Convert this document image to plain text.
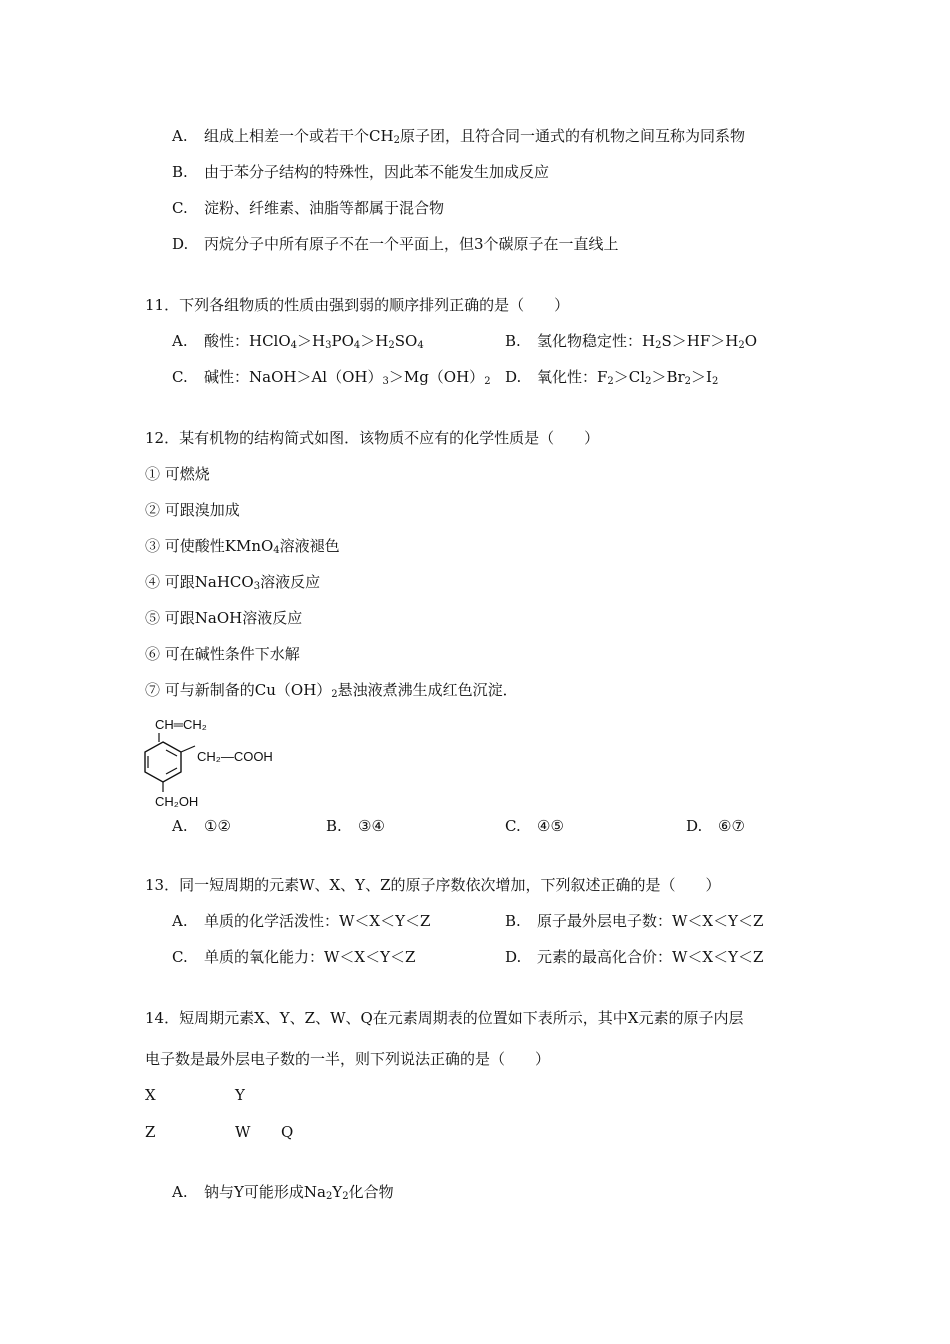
A. 组成上相差一个或若干个$CH_2$原子团，且符合同一通式的有机物之间互称为同系物
B. 由于苯分子结构的特殊性，因此苯不能发生加成反应
C. 淀粉、纤维素、油脂等都属于混合物
D. 丙烷分子中所有原子不在一个平面上，但3个碳原子在一直线上
11．下列各组物质的性质由强到弱的顺序排列正确的是（　　）
A. 酸性：$HClO_4>H_3PO_4>H_2SO_4$	B. 氢化物稳定性：$H_2S>HF>H_2O$
C. 碱性：$NaOH>Al(OH)_3>Mg(OH)_2$ D. 氧化性：$F_2>Cl_2>Br_2>I_2$
12．某有机物的结构简式如图．该物质不应有的化学性质是（　　）
① 可燃烧
② 可跟溴加成
③ 可使酸性KMnO$_4$溶液褪色
④ 可跟NaHCO$_3$溶液反应
⑤ 可跟NaOH溶液反应
⑥ 可在碱性条件下水解
⑦ 可与新制备的$Cu(OH)_2$悬浊液煮沸生成红色沉淀．
CH═CH₂
CH₂—COOH
CH₂OH
A. ①②	B. ③④	C. ④⑤	D. ⑥⑦
13．同一短周期的元素W、X、Y、Z的原子序数依次增加，下列叙述正确的是（　　）
A. 单质的化学活泼性：W＜X＜Y＜Z	B. 原子最外层电子数：W＜X＜Y＜Z
C. 单质的氧化能力：W＜X＜Y＜Z	D. 元素的最高化合价：W＜X＜Y＜Z
14．短周期元素X、Y、Z、W、Q在元素周期表的位置如下表所示，其中X元素的原子内层
电子数是最外层电子数的一半，则下列说法正确的是（　　）
X	Y
Z	W Q
A. 钠与Y可能形成$Na_2Y_2$化合物
